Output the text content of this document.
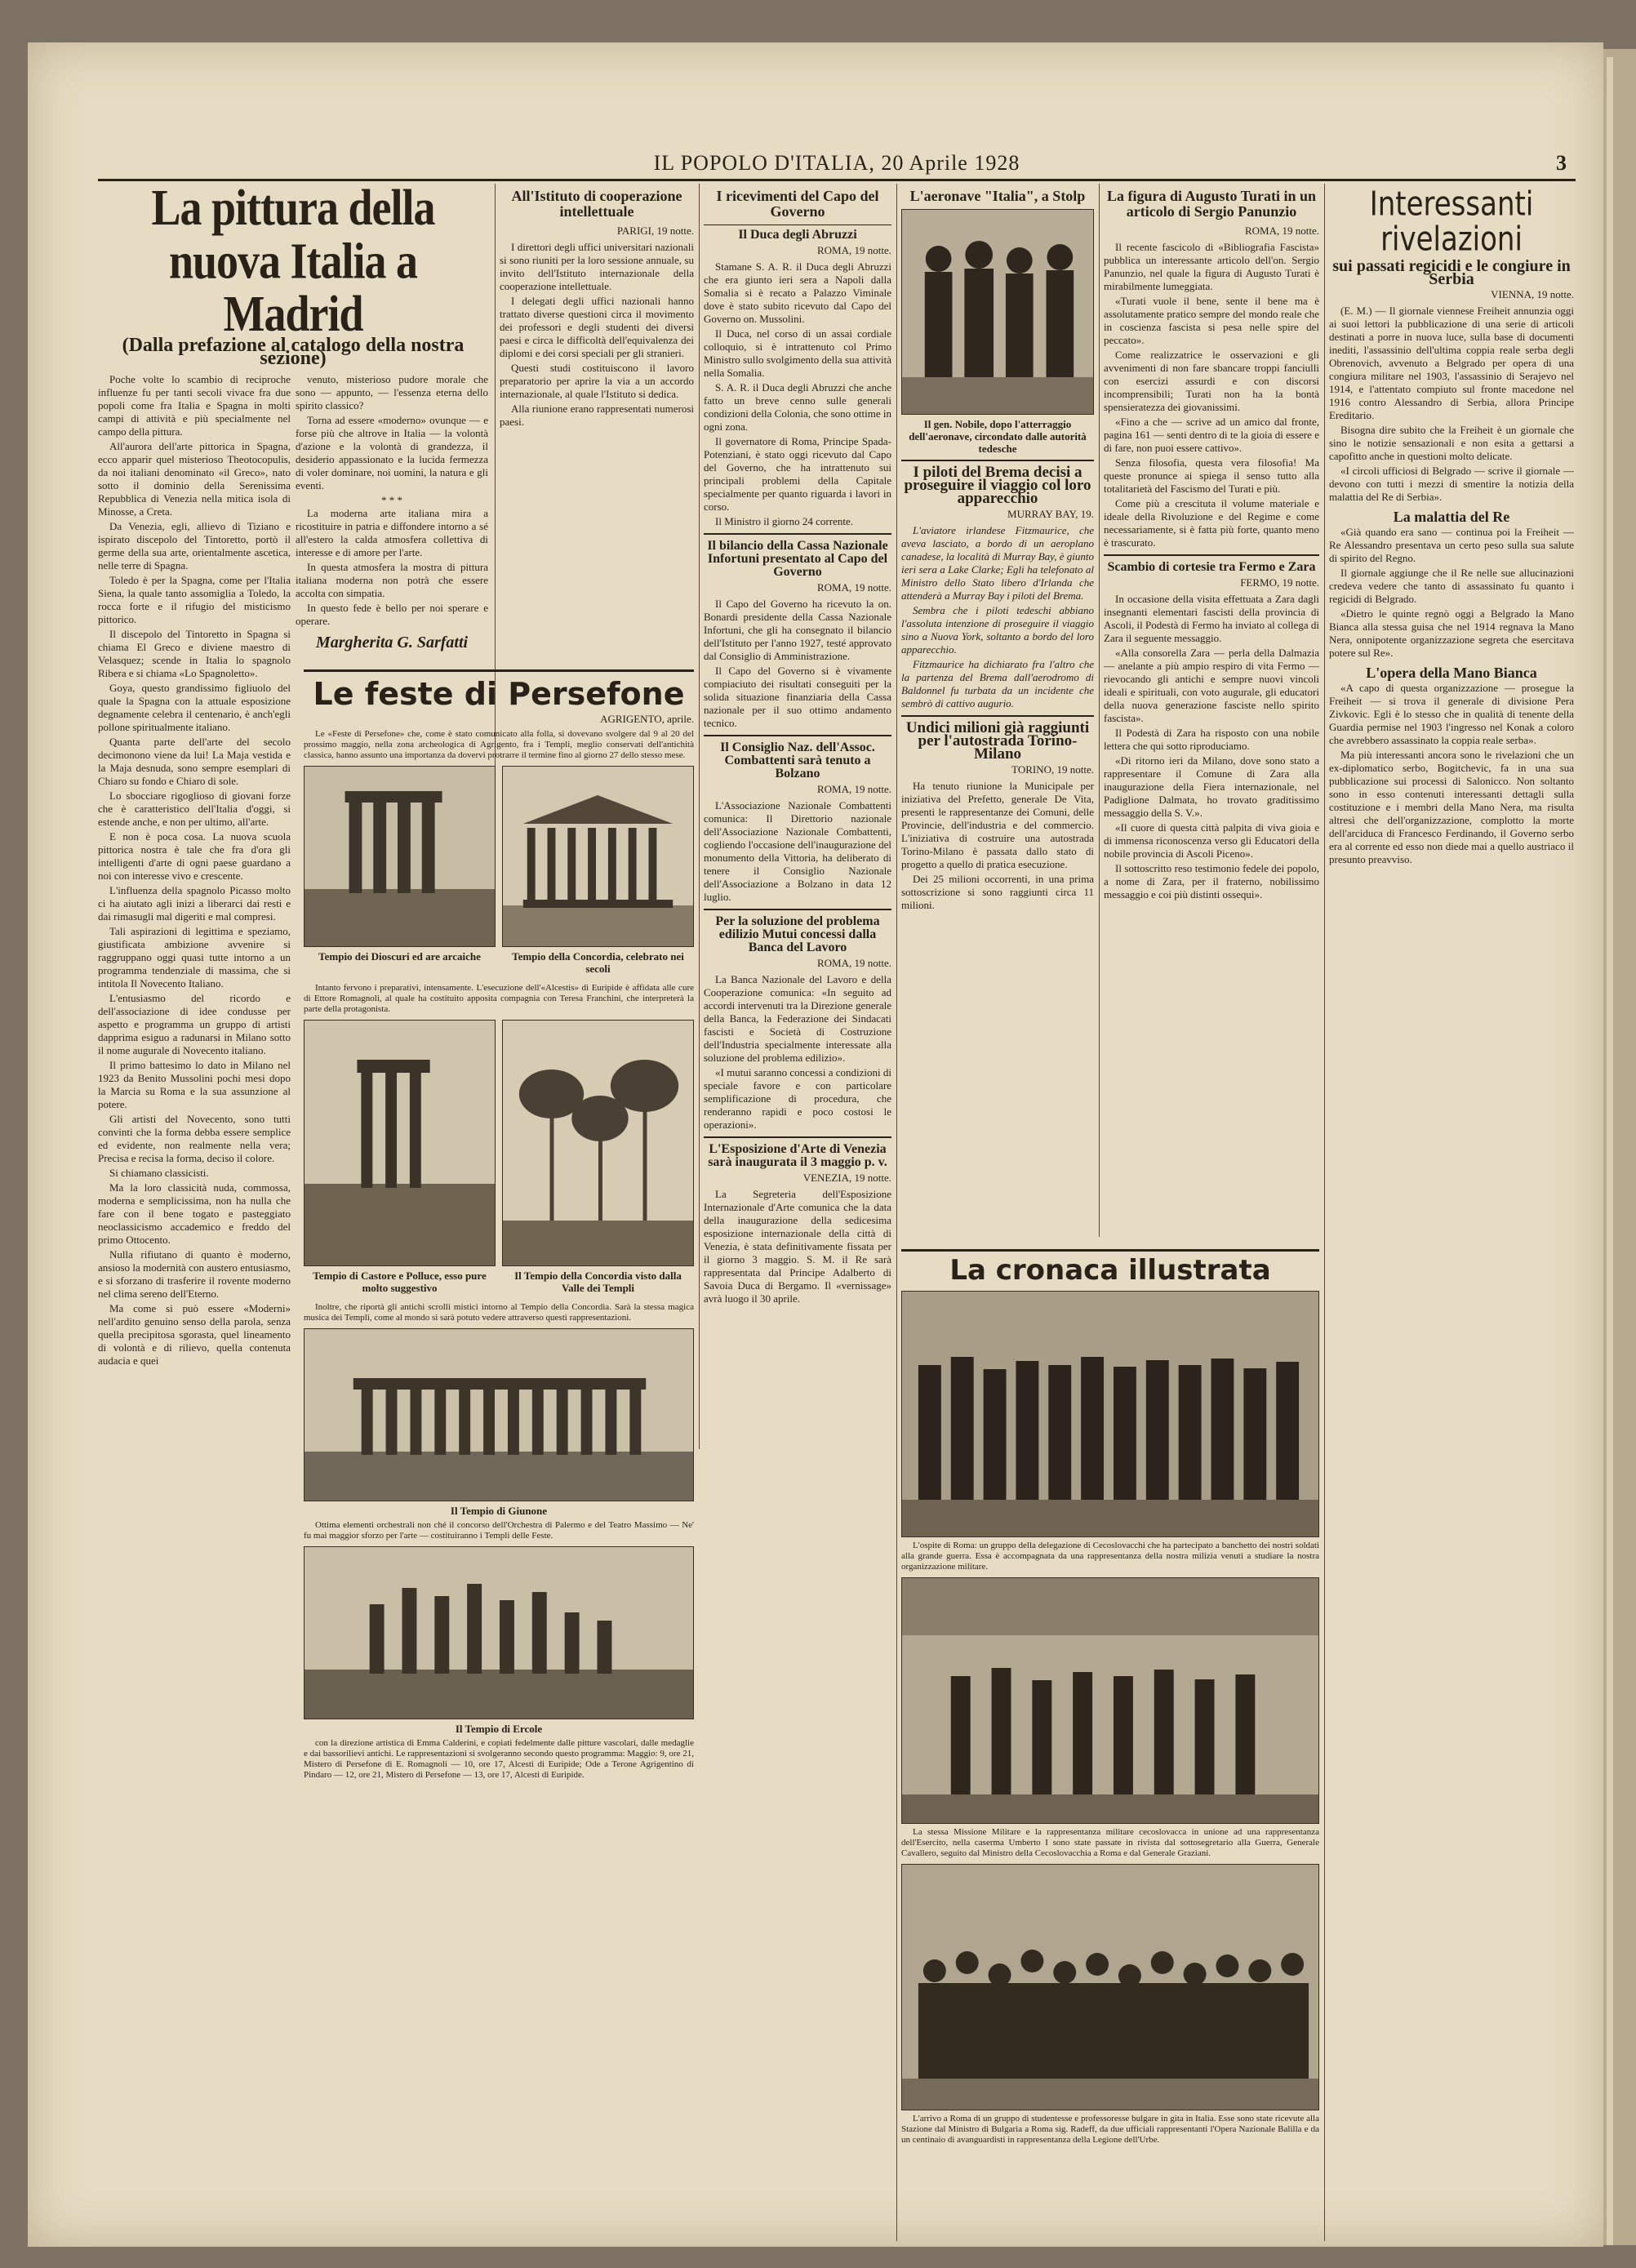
IL POPOLO D'ITALIA, 20 Aprile 1928	3
La pittura della nuova Italia a Madrid
(Dalla prefazione al catalogo della nostra sezione)

Poche volte lo scambio di reciproche influenze fu per tanti secoli vivace fra due popoli come fra Italia e Spagna in molti campi di attività e più specialmente nel campo della pittura.

All'aurora dell'arte pittorica in Spagna, ecco apparir quel misterioso Theotocopulis, da noi italiani denominato «il Greco», nato sotto il dominio della Serenissima Repubblica di Venezia nella mitica isola di Minosse, a Creta.

Da Venezia, egli, allievo di Tiziano e ispirato discepolo del Tintoretto, portò il germe della sua arte, orientalmente ascetica, nelle terre di Spagna.

Toledo è per la Spagna, come per l'Italia Siena, la quale tanto assomiglia a Toledo, la rocca forte e il rifugio del misticismo pittorico.

Il discepolo del Tintoretto in Spagna si chiama El Greco e diviene maestro di Velasquez; scende in Italia lo spagnolo Ribera e si chiama «Lo Spagnoletto».

Goya, questo grandissimo figliuolo del quale la Spagna con la attuale esposizione degnamente celebra il centenario, è anch'egli pollone spiritualmente italiano.

Quanta parte dell'arte del secolo decimonono viene da lui! La Maja vestida e la Maja desnuda, sono sempre esemplari di Chiaro su fondo e Chiaro di sole.

Lo sbocciare rigoglioso di giovani forze che è caratteristico dell'Italia d'oggi, si estende anche, e non per ultimo, all'arte.

E non è poca cosa. La nuova scuola pittorica nostra è tale che fra d'ora gli intelligenti d'arte di ogni paese guardano a noi con interesse vivo e crescente.

L'influenza della spagnolo Picasso molto ci ha aiutato agli inizi a liberarci dai resti e dai rimasugli mal digeriti e mal compresi.

Tali aspirazioni di legittima e speziamo, giustificata ambizione avvenire si raggruppano oggi quasi tutte intorno a un programma tendenziale di massima, che si intitola Il Novecento Italiano.

L'entusiasmo del ricordo e dell'associazione di idee condusse per aspetto e programma un gruppo di artisti dapprima esiguo a radunarsi in Milano sotto il nome augurale di Novecento italiano.

Il primo battesimo lo dato in Milano nel 1923 da Benito Mussolini pochi mesi dopo la Marcia su Roma e la sua assunzione al potere.

Gli artisti del Novecento, sono tutti convinti che la forma debba essere semplice ed evidente, non realmente nella vera; Precisa e recisa la forma, deciso il colore.

Si chiamano classicisti.

Ma la loro classicità nuda, commossa, moderna e semplicissima, non ha nulla che fare con il bene togato e pasteggiato neoclassicismo accademico e freddo del primo Ottocento.

Nulla rifiutano di quanto è moderno, ansioso la modernità con austero entusiasmo, e si sforzano di trasferire il rovente moderno nel clima sereno dell'Eterno.

Ma come si può essere «Moderni» nell'ardito genuino senso della parola, senza quella precipitosa sgorasta, quel lineamento di volontà e di rilievo, quella contenuta audacia e quei

venuto, misterioso pudore morale che sono — appunto, — l'essenza eterna dello spirito classico?

Torna ad essere «moderno» ovunque — e forse più che altrove in Italia — la volontà d'azione e la volontà di grandezza, il desiderio appassionato e la lucida fermezza di voler dominare, noi uomini, la natura e gli eventi.

* * *

La moderna arte italiana mira a ricostituire in patria e diffondere intorno a sé all'estero la calda atmosfera collettiva di interesse e di amore per l'arte.

In questa atmosfera la mostra di pittura italiana moderna non potrà che essere accolta con simpatia.

In questo fede è bello per noi sperare e operare.

Margherita G. Sarfatti
All'Istituto di cooperazione intellettuale
PARIGI, 19 notte.

I direttori degli uffici universitari nazionali si sono riuniti per la loro sessione annuale, su invito dell'Istituto internazionale della cooperazione intellettuale.

I delegati degli uffici nazionali hanno trattato diverse questioni circa il movimento dei professori e degli studenti dei diversi paesi e circa le difficoltà dell'equivalenza dei diplomi e dei corsi speciali per gli stranieri.

Questi studi costituiscono il lavoro preparatorio per aprire la via a un accordo internazionale, al quale l'Istituto si dedica.

Alla riunione erano rappresentati numerosi paesi.

Le feste di Persefone
AGRIGENTO, aprile.

Le «Feste di Persefone» che, come è stato comunicato alla folla, si dovevano svolgere dal 9 al 20 del prossimo maggio, nella zona archeologica di Agrigento, fra i Templi, meglio conservati dell'antichità classica, hanno assunto una importanza da dovervi protrarre il termine fino al giorno 27 dello stesso mese.

Tempio dei Dioscuri ed are arcaiche	Tempio della Concordia, celebrato nei secoli

Intanto fervono i preparativi, intensamente. L'esecuzione dell'«Alcestis» di Euripide è affidata alle cure di Ettore Romagnoli, al quale ha costituito apposita compagnia con Teresa Franchini, che interpreterà la parte della protagonista.

Tempio di Castore e Polluce, esso pure molto suggestivo
Il Tempio della Concordia visto dalla Valle dei Templi

Inoltre, che riportà gli antichi scrolli mistici intorno al Tempio della Concordia. Sarà la stessa magica musica dei Templi, come al mondo si sarà potuto vedere attraverso questi rappresentazioni.

Il Tempio di Giunone

Ottima elementi orchestrali non ché il concorso dell'Orchestra di Palermo e del Teatro Massimo — Ne' fu mai maggior sforzo per l'arte — costituiranno i Templi delle Feste.

Il Tempio di Ercole

con la direzione artistica di Emma Calderini, e copiati fedelmente dalle pitture vascolari, dalle medaglie e dai bassorilievi antichi. Le rappresentazioni si svolgeranno secondo questo programma: Maggio: 9, ore 21, Mistero di Persefone di E. Romagnoli — 10, ore 17, Alcesti di Euripide; Ode a Terone Agrigentino di Pindaro — 12, ore 21, Mistero di Persefone — 13, ore 17, Alcesti di Euripide.

I ricevimenti del Capo del Governo
Il Duca degli Abruzzi
ROMA, 19 notte.

Stamane S. A. R. il Duca degli Abruzzi che era giunto ieri sera a Napoli dalla Somalia si è recato a Palazzo Viminale dove è stato subito ricevuto dal Capo del Governo on. Mussolini.

Il Duca, nel corso di un assai cordiale colloquio, si è intrattenuto col Primo Ministro sullo svolgimento della sua attività nella Somalia.

S. A. R. il Duca degli Abruzzi che anche fatto un breve cenno sulle generali condizioni della Colonia, che sono ottime in ogni zona.

Il governatore di Roma, Principe Spada-Potenziani, è stato oggi ricevuto dal Capo del Governo, che ha intrattenuto sui principali problemi della Capitale specialmente per quanto riguarda i lavori in corso.

Il Ministro il giorno 24 corrente.

Il bilancio della Cassa Nazionale Infortuni presentato al Capo del Governo
ROMA, 19 notte.

Il Capo del Governo ha ricevuto la on. Bonardi presidente della Cassa Nazionale Infortuni, che gli ha consegnato il bilancio dell'Istituto per l'anno 1927, testé approvato dal Consiglio di Amministrazione.

Il Capo del Governo si è vivamente compiaciuto dei risultati conseguiti per la solida situazione finanziaria della Cassa nazionale per il suo ottimo andamento tecnico.

Il Consiglio Naz. dell'Assoc. Combattenti sarà tenuto a Bolzano
ROMA, 19 notte.

L'Associazione Nazionale Combattenti comunica: Il Direttorio nazionale dell'Associazione Nazionale Combattenti, cogliendo l'occasione dell'inaugurazione del monumento della Vittoria, ha deliberato di tenere il Consiglio Nazionale dell'Associazione a Bolzano in data 12 luglio.

Per la soluzione del problema edilizio Mutui concessi dalla Banca del Lavoro
ROMA, 19 notte.

La Banca Nazionale del Lavoro e della Cooperazione comunica: «In seguito ad accordi intervenuti tra la Direzione generale della Banca, la Federazione dei Sindacati fascisti e Società di Costruzione dell'Industria specialmente interessate alla soluzione del problema edilizio».

«I mutui saranno concessi a condizioni di speciale favore e con particolare semplificazione di procedura, che renderanno rapidi e poco costosi le operazioni».

L'Esposizione d'Arte di Venezia sarà inaugurata il 3 maggio p. v.
VENEZIA, 19 notte.

La Segreteria dell'Esposizione Internazionale d'Arte comunica che la data della inaugurazione della sedicesima esposizione internazionale della città di Venezia, è stata definitivamente fissata per il giorno 3 maggio. S. M. il Re sarà rappresentata dal Principe Adalberto di Savoia Duca di Bergamo. Il «vernissage» avrà luogo il 30 aprile.

L'aeronave "Italia", a Stolp
Il gen. Nobile, dopo l'atterraggio dell'aeronave, circondato dalle autorità tedesche
I piloti del Brema decisi a proseguire il viaggio col loro apparecchio
MURRAY BAY, 19.

L'aviatore irlandese Fitzmaurice, che aveva lasciato, a bordo di un aeroplano canadese, la località di Murray Bay, è giunto ieri sera a Lake Clarke; Egli ha telefonato al Ministro dello Stato libero d'Irlanda che attenderà a Murray Bay i piloti del Brema.

Sembra che i piloti tedeschi abbiano l'assoluta intenzione di proseguire il viaggio sino a Nuova York, soltanto a bordo del loro apparecchio.

Fitzmaurice ha dichiarato fra l'altro che la partenza del Brema dall'aerodromo di Baldonnel fu turbata da un incidente che sembrò di cattivo augurio.

Undici milioni già raggiunti per l'autostrada Torino-Milano
TORINO, 19 notte.

Ha tenuto riunione la Municipale per iniziativa del Prefetto, generale De Vita, presenti le rappresentanze dei Comuni, delle Provincie, dell'industria e del commercio. L'iniziativa di costruire una autostrada Torino-Milano è passata dallo stato di progetto a quello di pratica esecuzione.

Dei 25 milioni occorrenti, in una prima sottoscrizione si sono raggiunti circa 11 milioni.

La figura di Augusto Turati in un articolo di Sergio Panunzio
ROMA, 19 notte.

Il recente fascicolo di «Bibliografia Fascista» pubblica un interessante articolo dell'on. Sergio Panunzio, nel quale la figura di Augusto Turati è mirabilmente lumeggiata.

«Turati vuole il bene, sente il bene ma è assolutamente pratico sempre del mondo reale che in coscienza fascista si pesa nelle spire del peccato».

Come realizzatrice le osservazioni e gli avvenimenti di non fare sbancare troppi fanciulli con esercizi assurdi e con discorsi incomprensibili; Turati non ha la bontà spensieratezza dei giovanissimi.

«Fino a che — scrive ad un amico dal fronte, pagina 161 — senti dentro di te la gioia di essere e di fare, non puoi essere cattivo».

Senza filosofia, questa vera filosofia! Ma queste pronunce ai spiega il senso tutto alla totalitarietà del Fascismo del Turati e più.

Come più a crescituta il volume materiale e ideale della Rivoluzione e del Regime e come necessariamente, si è fatta più forte, quanto meno è trascurato.

Scambio di cortesie tra Fermo e Zara
FERMO, 19 notte.

In occasione della visita effettuata a Zara dagli insegnanti elementari fascisti della provincia di Ascoli, il Podestà di Fermo ha inviato al collega di Zara il seguente messaggio.

«Alla consorella Zara — perla della Dalmazia — anelante a più ampio respiro di vita Fermo — rievocando gli antichi e sempre nuovi vincoli ideali e spirituali, con voto augurale, gli educatori della nuova generazione fasciste nello spirito fascista».

Il Podestà di Zara ha risposto con una nobile lettera che qui sotto riproduciamo.

«Di ritorno ieri da Milano, dove sono stato a rappresentare il Comune di Zara alla inaugurazione della Fiera internazionale, nel Padiglione Dalmata, ho trovato graditissimo messaggio della S. V.».

«Il cuore di questa città palpita di viva gioia e di immensa riconoscenza verso gli Educatori della nobile provincia di Ascoli Piceno».

Il sottoscritto reso testimonio fedele dei popolo, a nome di Zara, per il fraterno, nobilissimo messaggio e coi più distinti ossequi».

La cronaca illustrata

L'ospite di Roma: un gruppo della delegazione di Cecoslovacchi che ha partecipato a banchetto dei nostri soldati alla grande guerra. Essa è accompagnata da una rappresentanza della nostra milizia venuti a studiare la nostra organizzazione militare.

La stessa Missione Militare e la rappresentanza militare cecoslovacca in unione ad una rappresentanza dell'Esercito, nella caserma Umberto I sono state passate in rivista dal sottosegretario alla Guerra, Generale Cavallero, seguito dal Ministro della Cecoslovacchia a Roma e dal Generale Graziani.

L'arrivo a Roma di un gruppo di studentesse e professoresse bulgare in gita in Italia. Esse sono state ricevute alla Stazione dal Ministro di Bulgaria a Roma sig. Radeff, da due ufficiali rappresentanti l'Opera Nazionale Balilla e da un centinaio di avanguardisti in rappresentanza della Legione dell'Urbe.

Interessanti rivelazioni
sui passati regicidi e le congiure in Serbia
VIENNA, 19 notte.

(E. M.) — Il giornale viennese Freiheit annunzia oggi ai suoi lettori la pubblicazione di una serie di articoli destinati a porre in nuova luce, sulla base di documenti inediti, l'assassinio dell'ultima coppia reale serba degli Obrenovich, avvenuto a Belgrado per opera di una congiura militare nel 1903, l'assassinio di Serajevo nel 1914, e l'attentato compiuto sul fronte macedone nel 1916 contro Alessandro di Serbia, allora Principe Ereditario.

Bisogna dire subito che la Freiheit è un giornale che sino le notizie sensazionali e non esita a gettarsi a capofitto anche in questioni molto delicate.

«I circoli ufficiosi di Belgrado — scrive il giornale — devono con tutti i mezzi di smentire la notizia della malattia del Re di Serbia».

La malattia del Re

«Già quando era sano — continua poi la Freiheit — Re Alessandro presentava un certo peso sulla sua salute di spirito del Regno.

Il giornale aggiunge che il Re nelle sue allucinazioni credeva vedere che tanto di assassinato fu quanto i regicidi di Belgrado.

«Dietro le quinte regnò oggi a Belgrado la Mano Bianca alla stessa guisa che nel 1914 regnava la Mano Nera, onnipotente organizzazione segreta che esercitava potere sul Re».

L'opera della Mano Bianca

«A capo di questa organizzazione — prosegue la Freiheit — si trova il generale di divisione Pera Zivkovic. Egli è lo stesso che in qualità di tenente della Guardia permise nel 1903 l'ingresso nel Konak a coloro che avrebbero assassinato la coppia reale serba».

Ma più interessanti ancora sono le rivelazioni che un ex-diplomatico serbo, Bogitchevic, fa in una sua pubblicazione sui processi di Salonicco. Non soltanto sono in esso contenuti interessanti dettagli sulla costituzione e i membri della Mano Nera, ma risulta altresì che dell'organizzazione, complotto la morte dell'arciduca di Francesco Ferdinando, il Governo serbo era al corrente ed esso non diede mai a quello austriaco il presunto preavviso.
